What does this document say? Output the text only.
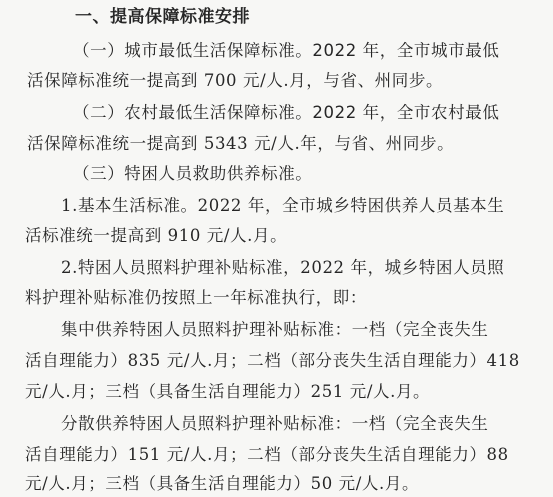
一、提高保障标准安排
（一）城市最低生活保障标准。2022 年，全市城市最低
活保障标准统一提高到 700 元/人.月，与省、州同步。
（二）农村最低生活保障标准。2022 年，全市农村最低
活保障标准统一提高到 5343 元/人.年，与省、州同步。
（三）特困人员救助供养标准。
1.基本生活标准。2022 年，全市城乡特困供养人员基本生
活标准统一提高到 910 元/人.月。
2.特困人员照料护理补贴标准，2022 年，城乡特困人员照
料护理补贴标准仍按照上一年标准执行，即：
集中供养特困人员照料护理补贴标准：一档（完全丧失生
活自理能力）835 元/人.月；二档（部分丧失生活自理能力）418
元/人.月；三档（具备生活自理能力）251 元/人.月。
分散供养特困人员照料护理补贴标准：一档（完全丧失生
活自理能力）151 元/人.月；二档（部分丧失生活自理能力）88
元/人.月；三档（具备生活自理能力）50 元/人.月。
